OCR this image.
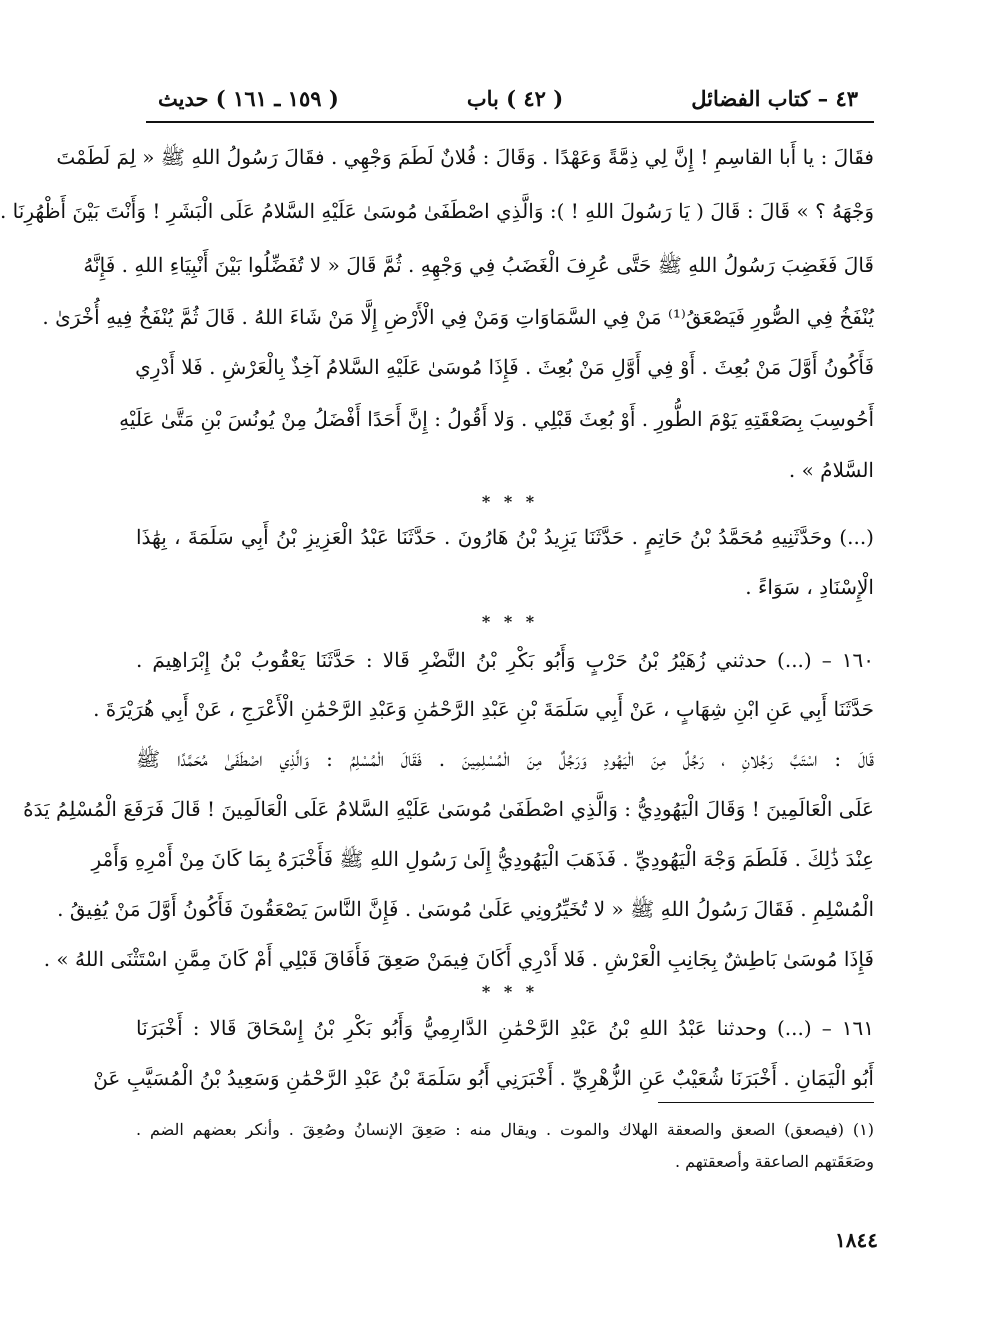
٤٣ – كتاب الفضائل
( ٤٢ ) باب
( ١٥٩ ـ ١٦١ ) حديث
فقَالَ : يا أَبا القاسِمِ ! إِنَّ لِي ذِمَّةً وَعَهْدًا . وَقَالَ : فُلانٌ لَطَمَ وَجْهِي . فقَالَ رَسُولُ اللهِ ﷺ « لِمَ لَطَمْتَ
وَجْهَهُ ؟ » قَالَ : قَالَ ( يَا رَسُولَ اللهِ ! ): وَالَّذِي اصْطَفَىٰ مُوسَىٰ عَلَيْهِ السَّلامُ عَلَى الْبَشَرِ ! وَأَنْتَ بَيْنَ أَظْهُرِنَا .
قَالَ فَغَضِبَ رَسُولُ اللهِ ﷺ حَتَّى عُرِفَ الْغَضَبُ فِي وَجْهِهِ . ثُمَّ قَالَ « لا تُفَضِّلُوا بَيْنَ أَنْبِيَاءِ اللهِ . فَإِنَّهُ
يُنْفَخُ فِي الصُّورِ فَيَصْعَقُ⁽¹⁾ مَنْ فِي السَّمَاوَاتِ وَمَنْ فِي الْأَرْضِ إِلَّا مَنْ شَاءَ اللهُ . قَالَ ثُمَّ يُنْفَخُ فِيهِ أُخْرَىٰ .
فَأَكُونُ أَوَّلَ مَنْ بُعِثَ . أَوْ فِي أَوَّلِ مَنْ بُعِثَ . فَإِذَا مُوسَىٰ عَلَيْهِ السَّلامُ آخِذٌ بِالْعَرْشِ . فَلا أَدْرِي
أَحُوسِبَ بِصَعْقَتِهِ يَوْمَ الطُّورِ . أَوْ بُعِثَ قَبْلِي . وَلا أَقُولُ : إِنَّ أَحَدًا أَفْضَلُ مِنْ يُونُسَ بْنِ مَتَّىٰ عَلَيْهِ
السَّلامُ » .
* * *
(...) وحَدَّثَنِيهِ مُحَمَّدُ بْنُ حَاتِمٍ . حَدَّثَنَا يَزِيدُ بْنُ هَارُونَ . حَدَّثَنَا عَبْدُ الْعَزِيزِ بْنُ أَبِي سَلَمَةَ ، بِهَٰذَا
الْإِسْنَادِ ، سَوَاءً .
* * *
١٦٠ – (...) حدثني زُهَيْرُ بْنُ حَرْبٍ وَأَبُو بَكْرِ بْنُ النَّضْرِ قَالا : حَدَّثَنَا يَعْقُوبُ بْنُ إِبْرَاهِيمَ .
حَدَّثَنَا أَبِي عَنِ ابْنِ شِهَابٍ ، عَنْ أَبِي سَلَمَةَ بْنِ عَبْدِ الرَّحْمَٰنِ وَعَبْدِ الرَّحْمَٰنِ الْأَعْرَجِ ، عَنْ أَبِي هُرَيْرَةَ .
قَالَ : اسْتَبَّ رَجُلانِ ، رَجُلٌ مِنَ الْيَهُودِ وَرَجُلٌ مِنَ الْمُسْلِمِينَ . فَقَالَ الْمُسْلِمُ : وَالَّذِي اصْطَفَىٰ مُحَمَّدًا ﷺ
عَلَى الْعَالَمِينَ ! وَقَالَ الْيَهُودِيُّ : وَالَّذِي اصْطَفَىٰ مُوسَىٰ عَلَيْهِ السَّلامُ عَلَى الْعَالَمِينَ ! قَالَ فَرَفَعَ الْمُسْلِمُ يَدَهُ
عِنْدَ ذَٰلِكَ . فَلَطَمَ وَجْهَ الْيَهُودِيِّ . فَذَهَبَ الْيَهُودِيُّ إِلَىٰ رَسُولِ اللهِ ﷺ فَأَخْبَرَهُ بِمَا كَانَ مِنْ أَمْرِهِ وَأَمْرِ
الْمُسْلِمِ . فَقَالَ رَسُولُ اللهِ ﷺ « لا تُخَيِّرُونِي عَلَىٰ مُوسَىٰ . فَإِنَّ النَّاسَ يَصْعَقُونَ فَأَكُونُ أَوَّلَ مَنْ يُفِيقُ .
فَإِذَا مُوسَىٰ بَاطِشٌ بِجَانِبِ الْعَرْشِ . فَلا أَدْرِي أَكَانَ فِيمَنْ صَعِقَ فَأَفَاقَ قَبْلِي أَمْ كَانَ مِمَّنِ اسْتَثْنَى اللهُ » .
* * *
١٦١ – (...) وحدثنا عَبْدُ اللهِ بْنُ عَبْدِ الرَّحْمَٰنِ الدَّارِمِيُّ وَأَبُو بَكْرِ بْنُ إِسْحَاقَ قَالا : أَخْبَرَنَا
أَبُو الْيَمَانِ . أَخْبَرَنَا شُعَيْبٌ عَنِ الزُّهْرِيِّ . أَخْبَرَنِي أَبُو سَلَمَةَ بْنُ عَبْدِ الرَّحْمَٰنِ وَسَعِيدُ بْنُ الْمُسَيَّبِ عَنْ
(١) (فيصعق) الصعق والصعقة الهلاك والموت . ويقال منه : صَعِقَ الإنسانُ وصُعِقَ . وأنكر بعضهم الضم .
وصَعَقَتهم الصاعقة وأصعقتهم .
١٨٤٤
